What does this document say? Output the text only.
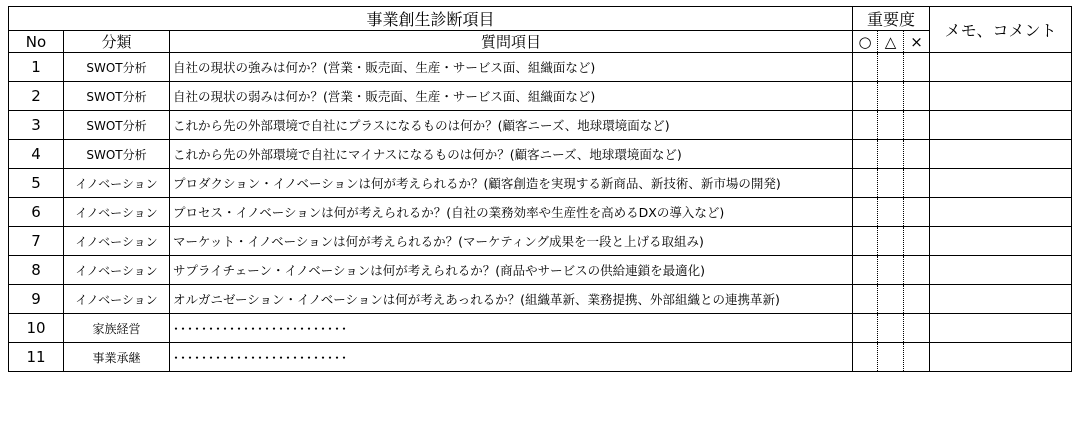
事業創生診断項目			重要度			メモ、コメント
No	分類	質問項目	○	△	×	
1	SWOT分析	自社の現状の強みは何か？(営業・販売面、生産・サービス面、組織面など)				
2	SWOT分析	自社の現状の弱みは何か？(営業・販売面、生産・サービス面、組織面など)				
3	SWOT分析	これから先の外部環境で自社にプラスになるものは何か？(顧客ニーズ、地球環境面など)				
4	SWOT分析	これから先の外部環境で自社にマイナスになるものは何か？(顧客ニーズ、地球環境面など)				
5	イノベーション	プロダクション・イノベーションは何が考えられるか？(顧客創造を実現する新商品、新技術、新市場の開発)				
6	イノベーション	プロセス・イノベーションは何が考えられるか？(自社の業務効率や生産性を高めるDXの導入など)				
7	イノベーション	マーケット・イノベーションは何が考えられるか？(マーケティング成果を一段と上げる取組み)				
8	イノベーション	サプライチェーン・イノベーションは何が考えられるか？(商品やサービスの供給連鎖を最適化)				
9	イノベーション	オルガニゼーション・イノベーションは何が考えあっれるか？(組織革新、業務提携、外部組織との連携革新)				
10	家族経営	･････････････････････････				
11	事業承継	･････････････････････････				
